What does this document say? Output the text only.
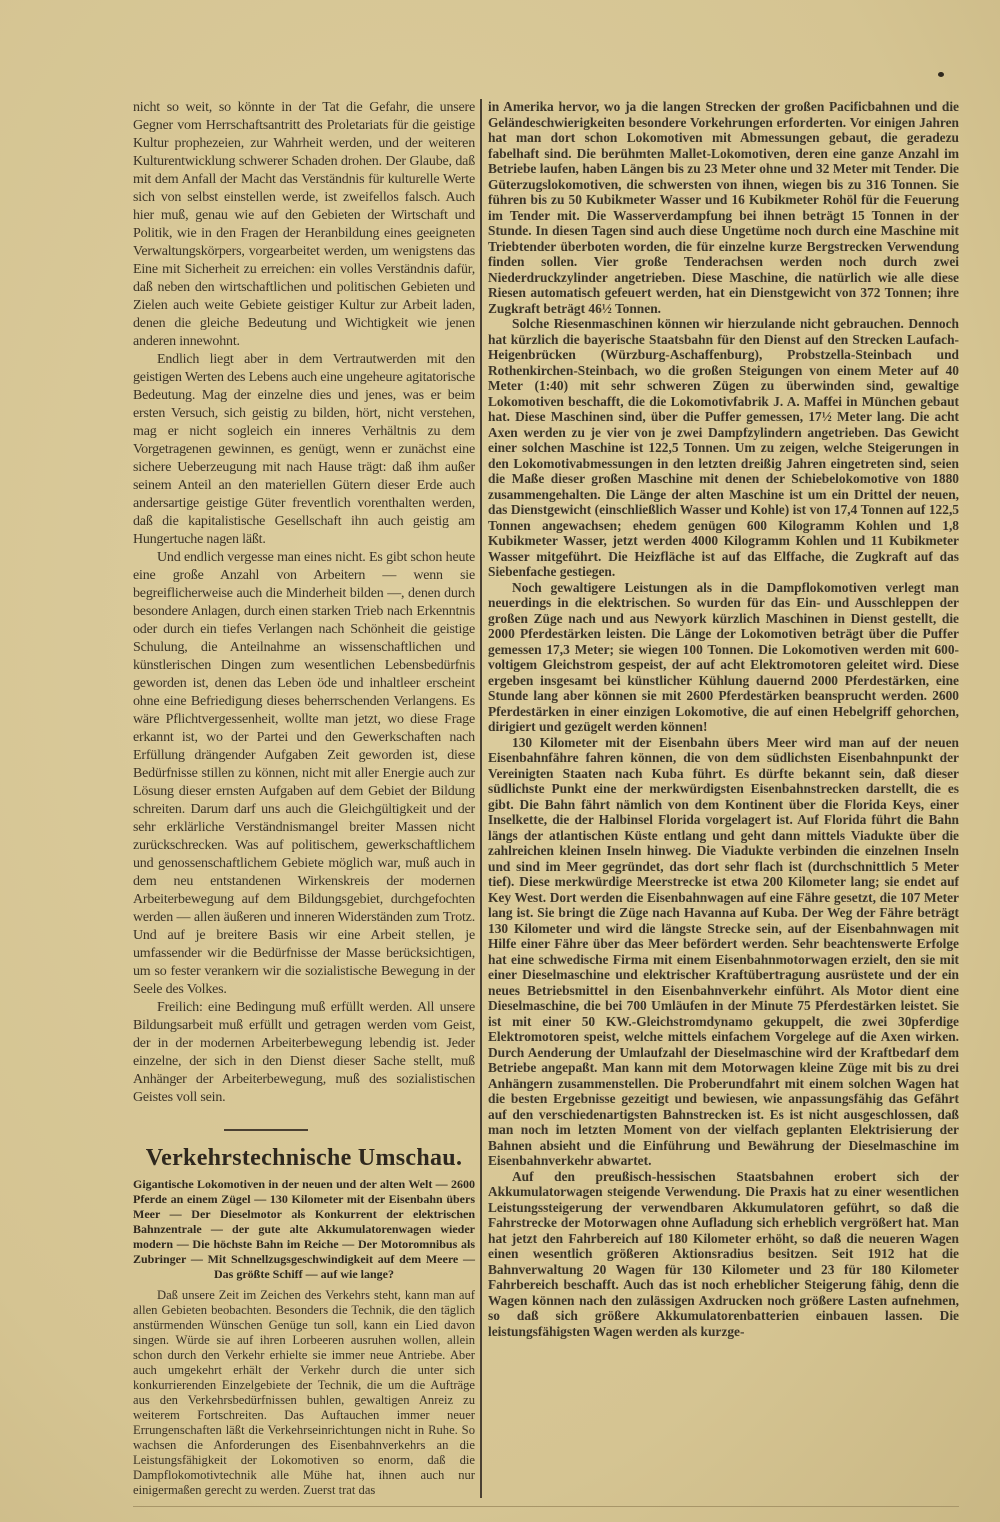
nicht so weit, so könnte in der Tat die Gefahr, die unsere Gegner vom Herrschaftsantritt des Proletariats für die geistige Kultur prophezeien, zur Wahrheit werden, und der weiteren Kulturentwicklung schwerer Schaden drohen. Der Glaube, daß mit dem Anfall der Macht das Verständnis für kulturelle Werte sich von selbst einstellen werde, ist zweifellos falsch. Auch hier muß, genau wie auf den Gebieten der Wirtschaft und Politik, wie in den Fragen der Heranbildung eines geeigneten Verwaltungskörpers, vorgearbeitet werden, um wenigstens das Eine mit Sicherheit zu erreichen: ein volles Verständnis dafür, daß neben den wirtschaftlichen und politischen Gebieten und Zielen auch weite Gebiete geistiger Kultur zur Arbeit laden, denen die gleiche Bedeutung und Wichtigkeit wie jenen anderen innewohnt.

Endlich liegt aber in dem Vertrautwerden mit den geistigen Werten des Lebens auch eine ungeheure agitatorische Bedeutung. Mag der einzelne dies und jenes, was er beim ersten Versuch, sich geistig zu bilden, hört, nicht verstehen, mag er nicht sogleich ein inneres Verhältnis zu dem Vorgetragenen gewinnen, es genügt, wenn er zunächst eine sichere Ueberzeugung mit nach Hause trägt: daß ihm außer seinem Anteil an den materiellen Gütern dieser Erde auch andersartige geistige Güter freventlich vorenthalten werden, daß die kapitalistische Gesellschaft ihn auch geistig am Hungertuche nagen läßt.

Und endlich vergesse man eines nicht. Es gibt schon heute eine große Anzahl von Arbeitern — wenn sie begreiflicherweise auch die Minderheit bilden —, denen durch besondere Anlagen, durch einen starken Trieb nach Erkenntnis oder durch ein tiefes Verlangen nach Schönheit die geistige Schulung, die Anteilnahme an wissenschaftlichen und künstlerischen Dingen zum wesentlichen Lebensbedürfnis geworden ist, denen das Leben öde und inhaltleer erscheint ohne eine Befriedigung dieses beherrschenden Verlangens. Es wäre Pflichtvergessenheit, wollte man jetzt, wo diese Frage erkannt ist, wo der Partei und den Gewerkschaften nach Erfüllung drängender Aufgaben Zeit geworden ist, diese Bedürfnisse stillen zu können, nicht mit aller Energie auch zur Lösung dieser ernsten Aufgaben auf dem Gebiet der Bildung schreiten. Darum darf uns auch die Gleichgültigkeit und der sehr erklärliche Verständnismangel breiter Massen nicht zurückschrecken. Was auf politischem, gewerkschaftlichem und genossenschaftlichem Gebiete möglich war, muß auch in dem neu entstandenen Wirkenskreis der modernen Arbeiterbewegung auf dem Bildungsgebiet, durchgefochten werden — allen äußeren und inneren Widerständen zum Trotz. Und auf je breitere Basis wir eine Arbeit stellen, je umfassender wir die Bedürfnisse der Masse berücksichtigen, um so fester verankern wir die sozialistische Bewegung in der Seele des Volkes.

Freilich: eine Bedingung muß erfüllt werden. All unsere Bildungsarbeit muß erfüllt und getragen werden vom Geist, der in der modernen Arbeiterbewegung lebendig ist. Jeder einzelne, der sich in den Dienst dieser Sache stellt, muß Anhänger der Arbeiterbewegung, muß des sozialistischen Geistes voll sein.

Verkehrstechnische Umschau.
Gigantische Lokomotiven in der neuen und der alten Welt — 2600 Pferde an einem Zügel — 130 Kilometer mit der Eisenbahn übers Meer — Der Dieselmotor als Konkurrent der elektrischen Bahnzentrale — der gute alte Akkumulatorenwagen wieder modern — Die höchste Bahn im Reiche — Der Motoromnibus als Zubringer — Mit Schnellzugsgeschwindigkeit auf dem Meere — Das größte Schiff — auf wie lange?

Daß unsere Zeit im Zeichen des Verkehrs steht, kann man auf allen Gebieten beobachten. Besonders die Technik, die den täglich anstürmenden Wünschen Genüge tun soll, kann ein Lied davon singen. Würde sie auf ihren Lorbeeren ausruhen wollen, allein schon durch den Verkehr erhielte sie immer neue Antriebe. Aber auch umgekehrt erhält der Verkehr durch die unter sich konkurrierenden Einzelgebiete der Technik, die um die Aufträge aus den Verkehrsbedürfnissen buhlen, gewaltigen Anreiz zu weiterem Fortschreiten. Das Auftauchen immer neuer Errungenschaften läßt die Verkehrseinrichtungen nicht in Ruhe. So wachsen die Anforderungen des Eisenbahnverkehrs an die Leistungsfähigkeit der Lokomotiven so enorm, daß die Dampflokomotivtechnik alle Mühe hat, ihnen auch nur einigermaßen gerecht zu werden. Zuerst trat das

in Amerika hervor, wo ja die langen Strecken der großen Pacificbahnen und die Geländeschwierigkeiten besondere Vorkehrungen erforderten. Vor einigen Jahren hat man dort schon Lokomotiven mit Abmessungen gebaut, die geradezu fabelhaft sind. Die berühmten Mallet-Lokomotiven, deren eine ganze Anzahl im Betriebe laufen, haben Längen bis zu 23 Meter ohne und 32 Meter mit Tender. Die Güterzugslokomotiven, die schwersten von ihnen, wiegen bis zu 316 Tonnen. Sie führen bis zu 50 Kubikmeter Wasser und 16 Kubikmeter Rohöl für die Feuerung im Tender mit. Die Wasserverdampfung bei ihnen beträgt 15 Tonnen in der Stunde. In diesen Tagen sind auch diese Ungetüme noch durch eine Maschine mit Triebtender überboten worden, die für einzelne kurze Bergstrecken Verwendung finden sollen. Vier große Tenderachsen werden noch durch zwei Niederdruckzylinder angetrieben. Diese Maschine, die natürlich wie alle diese Riesen automatisch gefeuert werden, hat ein Dienstgewicht von 372 Tonnen; ihre Zugkraft beträgt 46½ Tonnen.

Solche Riesenmaschinen können wir hierzulande nicht gebrauchen. Dennoch hat kürzlich die bayerische Staatsbahn für den Dienst auf den Strecken Laufach-Heigenbrücken (Würzburg-Aschaffenburg), Probstzella-Steinbach und Rothenkirchen-Steinbach, wo die großen Steigungen von einem Meter auf 40 Meter (1:40) mit sehr schweren Zügen zu überwinden sind, gewaltige Lokomotiven beschafft, die die Lokomotivfabrik J. A. Maffei in München gebaut hat. Diese Maschinen sind, über die Puffer gemessen, 17½ Meter lang. Die acht Axen werden zu je vier von je zwei Dampfzylindern angetrieben. Das Gewicht einer solchen Maschine ist 122,5 Tonnen. Um zu zeigen, welche Steigerungen in den Lokomotivabmessungen in den letzten dreißig Jahren eingetreten sind, seien die Maße dieser großen Maschine mit denen der Schiebelokomotive von 1880 zusammengehalten. Die Länge der alten Maschine ist um ein Drittel der neuen, das Dienstgewicht (einschließlich Wasser und Kohle) ist von 17,4 Tonnen auf 122,5 Tonnen angewachsen; ehedem genügen 600 Kilogramm Kohlen und 1,8 Kubikmeter Wasser, jetzt werden 4000 Kilogramm Kohlen und 11 Kubikmeter Wasser mitgeführt. Die Heizfläche ist auf das Elffache, die Zugkraft auf das Siebenfache gestiegen.

Noch gewaltigere Leistungen als in die Dampflokomotiven verlegt man neuerdings in die elektrischen. So wurden für das Ein- und Ausschleppen der großen Züge nach und aus Newyork kürzlich Maschinen in Dienst gestellt, die 2000 Pferdestärken leisten. Die Länge der Lokomotiven beträgt über die Puffer gemessen 17,3 Meter; sie wiegen 100 Tonnen. Die Lokomotiven werden mit 600-voltigem Gleichstrom gespeist, der auf acht Elektromotoren geleitet wird. Diese ergeben insgesamt bei künstlicher Kühlung dauernd 2000 Pferdestärken, eine Stunde lang aber können sie mit 2600 Pferdestärken beansprucht werden. 2600 Pferdestärken in einer einzigen Lokomotive, die auf einen Hebelgriff gehorchen, dirigiert und gezügelt werden können!

130 Kilometer mit der Eisenbahn übers Meer wird man auf der neuen Eisenbahnfähre fahren können, die von dem südlichsten Eisenbahnpunkt der Vereinigten Staaten nach Kuba führt. Es dürfte bekannt sein, daß dieser südlichste Punkt eine der merkwürdigsten Eisenbahnstrecken darstellt, die es gibt. Die Bahn fährt nämlich von dem Kontinent über die Florida Keys, einer Inselkette, die der Halbinsel Florida vorgelagert ist. Auf Florida führt die Bahn längs der atlantischen Küste entlang und geht dann mittels Viadukte über die zahlreichen kleinen Inseln hinweg. Die Viadukte verbinden die einzelnen Inseln und sind im Meer gegründet, das dort sehr flach ist (durchschnittlich 5 Meter tief). Diese merkwürdige Meerstrecke ist etwa 200 Kilometer lang; sie endet auf Key West. Dort werden die Eisenbahnwagen auf eine Fähre gesetzt, die 107 Meter lang ist. Sie bringt die Züge nach Havanna auf Kuba. Der Weg der Fähre beträgt 130 Kilometer und wird die längste Strecke sein, auf der Eisenbahnwagen mit Hilfe einer Fähre über das Meer befördert werden. Sehr beachtenswerte Erfolge hat eine schwedische Firma mit einem Eisenbahnmotorwagen erzielt, den sie mit einer Dieselmaschine und elektrischer Kraftübertragung ausrüstete und der ein neues Betriebsmittel in den Eisenbahnverkehr einführt. Als Motor dient eine Dieselmaschine, die bei 700 Umläufen in der Minute 75 Pferdestärken leistet. Sie ist mit einer 50 KW.-Gleichstromdynamo gekuppelt, die zwei 30pferdige Elektromotoren speist, welche mittels einfachem Vorgelege auf die Axen wirken. Durch Aenderung der Umlaufzahl der Dieselmaschine wird der Kraftbedarf dem Betriebe angepaßt. Man kann mit dem Motorwagen kleine Züge mit bis zu drei Anhängern zusammenstellen. Die Proberundfahrt mit einem solchen Wagen hat die besten Ergebnisse gezeitigt und bewiesen, wie anpassungsfähig das Gefährt auf den verschiedenartigsten Bahnstrecken ist. Es ist nicht ausgeschlossen, daß man noch im letzten Moment von der vielfach geplanten Elektrisierung der Bahnen absieht und die Einführung und Bewährung der Dieselmaschine im Eisenbahnverkehr abwartet.

Auf den preußisch-hessischen Staatsbahnen erobert sich der Akkumulatorwagen steigende Verwendung. Die Praxis hat zu einer wesentlichen Leistungssteigerung der verwendbaren Akkumulatoren geführt, so daß die Fahrstrecke der Motorwagen ohne Aufladung sich erheblich vergrößert hat. Man hat jetzt den Fahrbereich auf 180 Kilometer erhöht, so daß die neueren Wagen einen wesentlich größeren Aktionsradius besitzen. Seit 1912 hat die Bahnverwaltung 20 Wagen für 130 Kilometer und 23 für 180 Kilometer Fahrbereich beschafft. Auch das ist noch erheblicher Steigerung fähig, denn die Wagen können nach den zulässigen Axdrucken noch größere Lasten aufnehmen, so daß sich größere Akkumulatorenbatterien einbauen lassen. Die leistungsfähigsten Wagen werden als kurzge-
